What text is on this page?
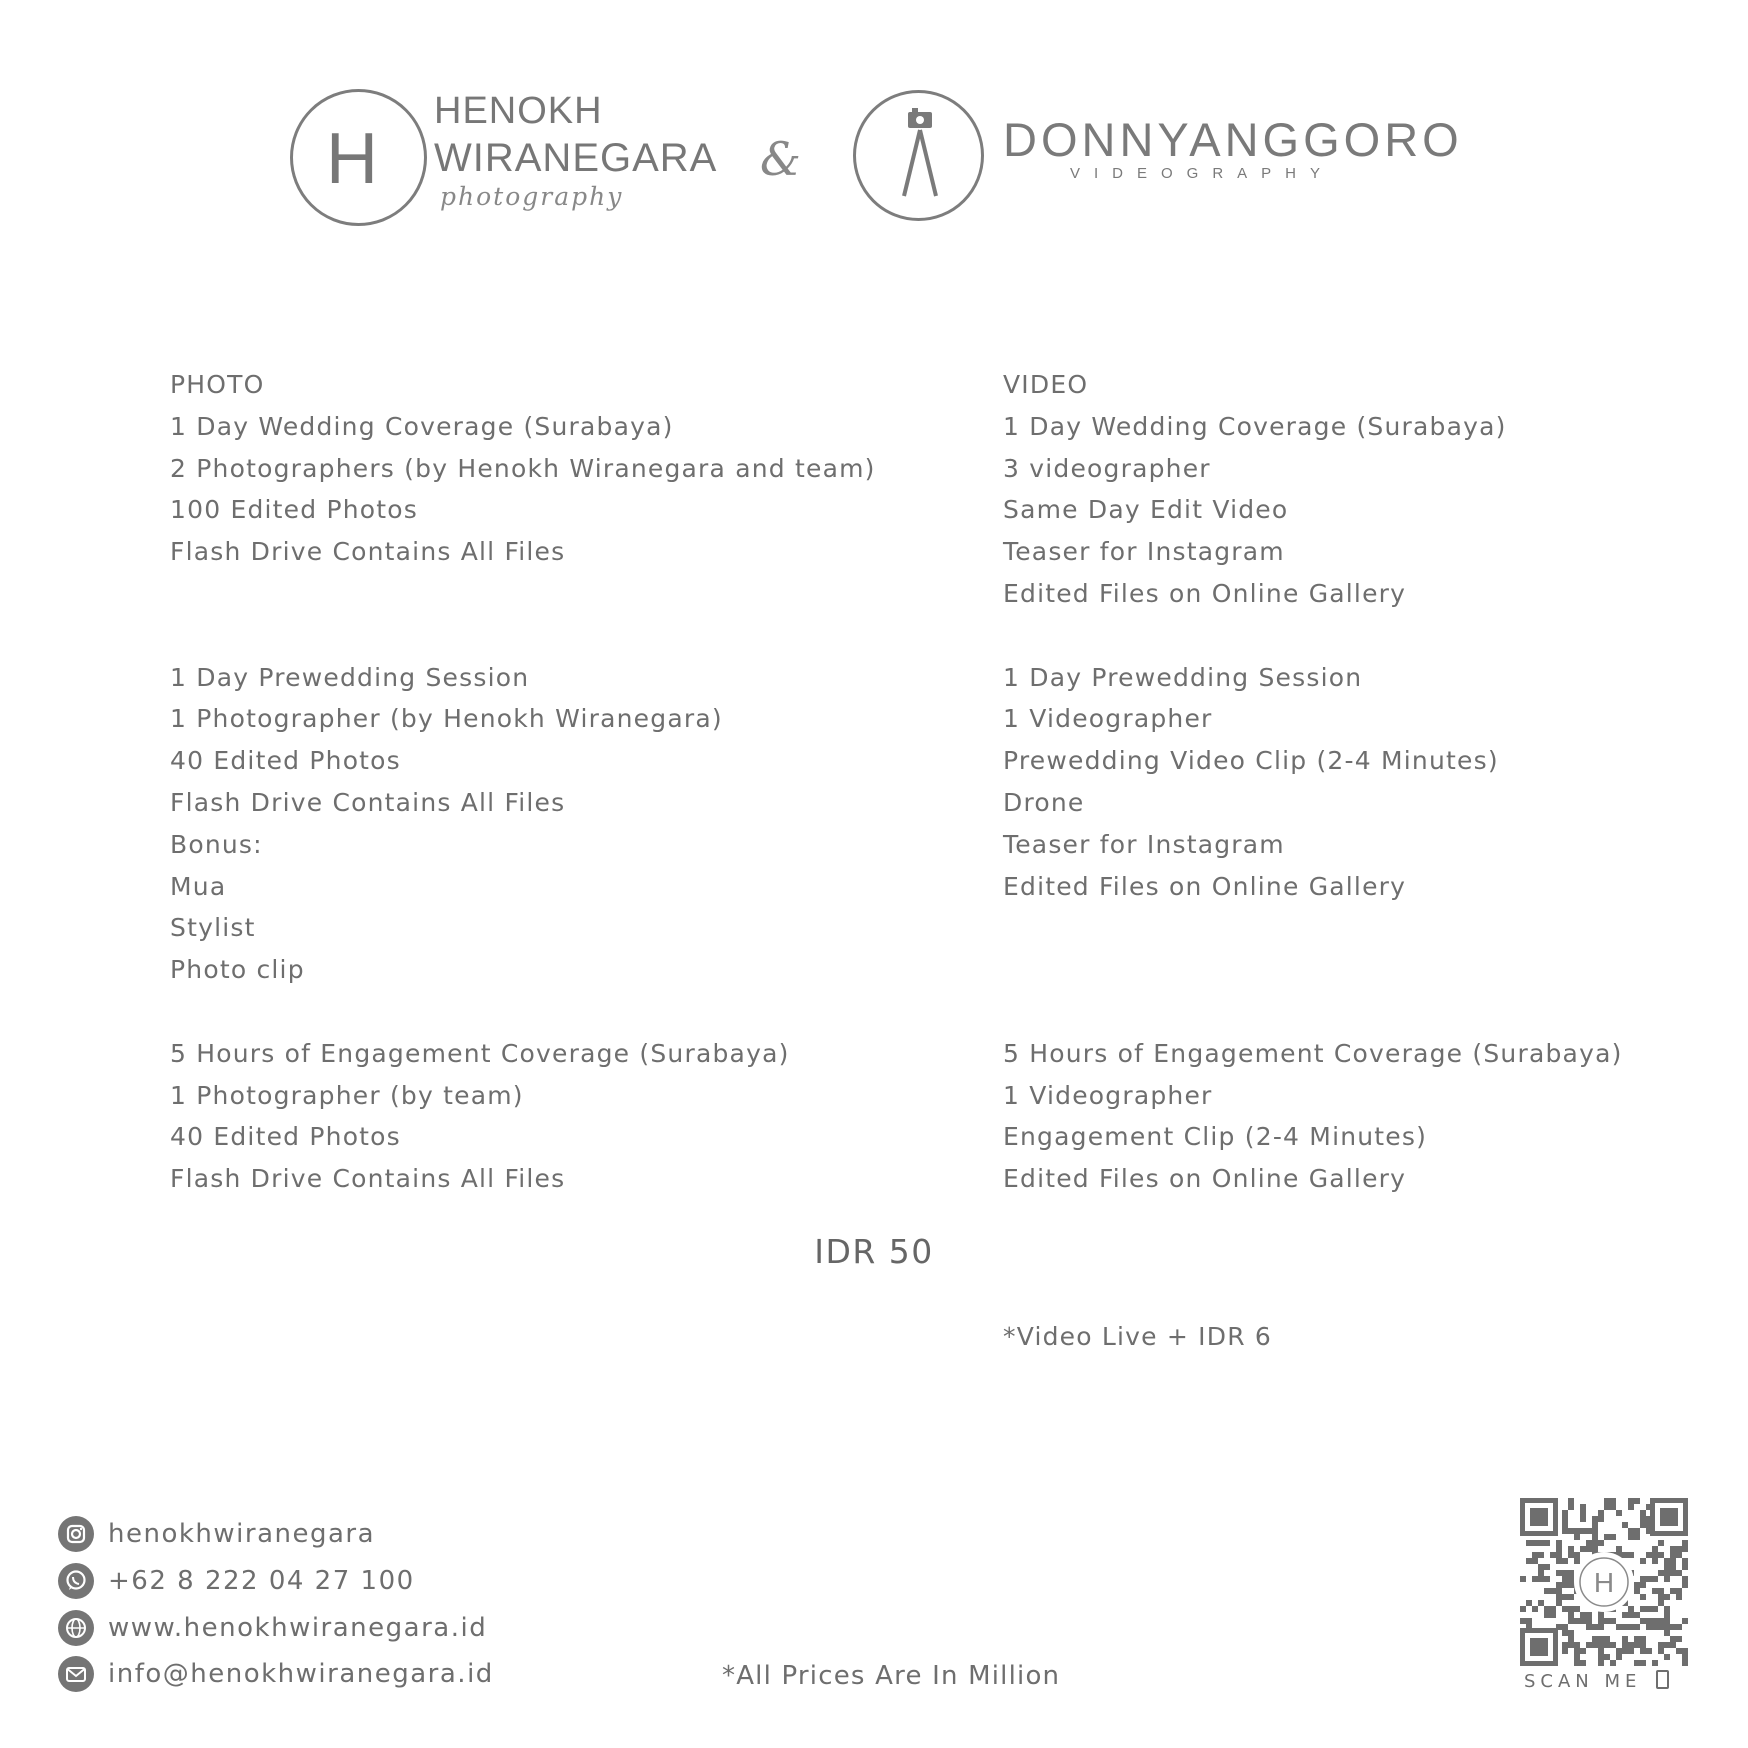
H
HENOKH
WIRANEGARA
photography
&	DONNYANGGORO
VIDEOGRAPHY
PHOTO
1 Day Wedding Coverage (Surabaya)
2 Photographers (by Henokh Wiranegara and team)
100 Edited Photos
Flash Drive Contains All Files
1 Day Prewedding Session
1 Photographer (by Henokh Wiranegara)
40 Edited Photos
Flash Drive Contains All Files
Bonus:
Mua
Stylist
Photo clip
5 Hours of Engagement Coverage (Surabaya)
1 Photographer (by team)
40 Edited Photos
Flash Drive Contains All Files
VIDEO
1 Day Wedding Coverage (Surabaya)
3 videographer
Same Day Edit Video
Teaser for Instagram
Edited Files on Online Gallery
1 Day Prewedding Session
1 Videographer
Prewedding Video Clip (2-4 Minutes)
Drone
Teaser for Instagram
Edited Files on Online Gallery
5 Hours of Engagement Coverage (Surabaya)
1 Videographer
Engagement Clip (2-4 Minutes)
Edited Files on Online Gallery
IDR 50
*Video Live + IDR 6
henokhwiranegara
+62 8 222 04 27 100
www.henokhwiranegara.id
info@henokhwiranegara.id	*All Prices Are In Million
H
SCAN ME
